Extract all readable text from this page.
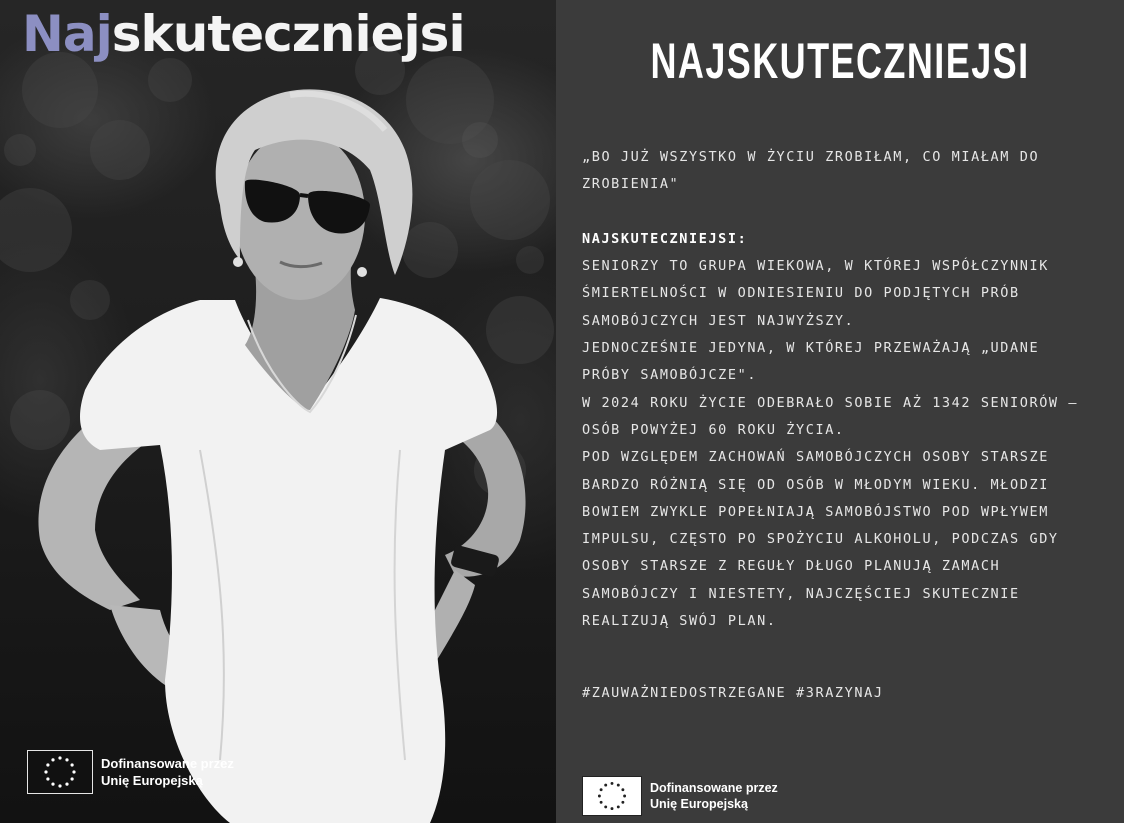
Najskuteczniejsi
Dofinansowane przez
Unię Europejską
NAJSKUTECZNIEJSI

„BO JUŻ WSZYSTKO W ŻYCIU ZROBIŁAM, CO MIAŁAM DO

ZROBIENIA"

NAJSKUTECZNIEJSI:

SENIORZY TO GRUPA WIEKOWA, W KTÓREJ WSPÓŁCZYNNIK

ŚMIERTELNOŚCI W ODNIESIENIU DO PODJĘTYCH PRÓB

SAMOBÓJCZYCH JEST NAJWYŻSZY.

JEDNOCZEŚNIE JEDYNA, W KTÓREJ PRZEWAŻAJĄ „UDANE

PRÓBY SAMOBÓJCZE".

W 2024 ROKU ŻYCIE ODEBRAŁO SOBIE AŻ 1342 SENIORÓW –

OSÓB POWYŻEJ 60 ROKU ŻYCIA.

POD WZGLĘDEM ZACHOWAŃ SAMOBÓJCZYCH OSOBY STARSZE

BARDZO RÓŻNIĄ SIĘ OD OSÓB W MŁODYM WIEKU. MŁODZI

BOWIEM ZWYKLE POPEŁNIAJĄ SAMOBÓJSTWO POD WPŁYWEM

IMPULSU, CZĘSTO PO SPOŻYCIU ALKOHOLU, PODCZAS GDY

OSOBY STARSZE Z REGUŁY DŁUGO PLANUJĄ ZAMACH

SAMOBÓJCZY I NIESTETY, NAJCZĘŚCIEJ SKUTECZNIE

REALIZUJĄ SWÓJ PLAN.

#ZAUWAŻNIEDOSTRZEGANE #3RAZYNAJ

Dofinansowane przez
Unię Europejską
